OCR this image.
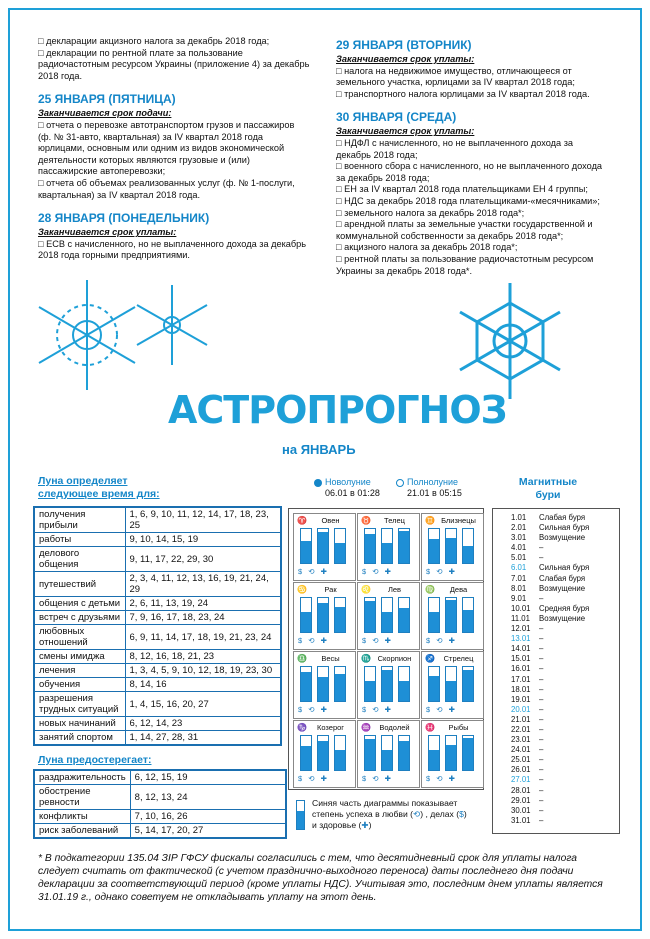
□ декларации акцизного налога за декабрь 2018 года;

□ декларации по рентной плате за пользование радиочастотным ресурсом Украины (приложение 4) за декабрь 2018 года.

25 ЯНВАРЯ (ПЯТНИЦА)
Заканчивается срок подачи:

□ отчета о перевозке автотранспортом грузов и пассажиров (ф. № 31-авто, квартальная) за IV квартал 2018 года юрлицами, основным или одним из видов экономической деятельности которых являются грузовые и (или) пассажирские автоперевозки;

□ отчета об объемах реализованных услуг (ф. № 1-послуги, квартальная) за IV квартал 2018 года.

28 ЯНВАРЯ (ПОНЕДЕЛЬНИК)
Заканчивается срок уплаты:

□ ЕСВ с начисленного, но не выплаченного дохода за декабрь 2018 года горными предприятиями.

29 ЯНВАРЯ (ВТОРНИК)
Заканчивается срок уплаты:

□ налога на недвижимое имущество, отличающееся от земельного участка, юрлицами за IV квартал 2018 года;

□ транспортного налога юрлицами за IV квартал 2018 года.

30 ЯНВАРЯ (СРЕДА)
Заканчивается срок уплаты:

□ НДФЛ с начисленного, но не выплаченного дохода за декабрь 2018 года;

□ военного сбора с начисленного, но не выплаченного дохода за декабрь 2018 года;

□ ЕН за IV квартал 2018 года плательщиками ЕН 4 группы;

□ НДС за декабрь 2018 года плательщиками-«месячниками»;

□ земельного налога за декабрь 2018 года*;

□ арендной платы за земельные участки государственной и коммунальной собственности за декабрь 2018 года*;

□ акцизного налога за декабрь 2018 года*;

□ рентной платы за пользование радиочастотным ресурсом Украины за декабрь 2018 года*.

АСТРОПРОГНОЗ
на ЯНВАРЬ
Луна определяет
следующее время для:
получения прибыли	1, 6, 9, 10, 11, 12, 14, 17, 18, 23, 25
работы	9, 10, 14, 15, 19
делового общения	9, 11, 17, 22, 29, 30
путешествий	2, 3, 4, 11, 12, 13, 16, 19, 21, 24, 29
общения с детьми	2, 6, 11, 13, 19, 24
встреч с друзьями	7, 9, 16, 17, 18, 23, 24
любовных отношений	6, 9, 11, 14, 17, 18, 19, 21, 23, 24
смены имиджа	8, 12, 16, 18, 21, 23
лечения	1, 3, 4, 5, 9, 10, 12, 18, 19, 23, 30
обучения	8, 14, 16
разрешения трудных ситуаций	1, 4, 15, 16, 20, 27
новых начинаний	6, 12, 14, 23
занятий спортом	1, 14, 27, 28, 31
Луна предостерегает:
раздражительность	6, 12, 15, 19
обострение ревности	8, 12, 13, 24
конфликты	7, 10, 16, 26
риск заболеваний	5, 14, 17, 20, 27
Новолуние
06.01 в 01:28
Полнолуние
21.01 в 05:15
♈	Овен
$ ⟲ ✚
♉	Телец
$ ⟲ ✚
♊ Близнецы
$ ⟲ ✚
♋	Рак
$ ⟲ ✚
♌	Лев
$ ⟲ ✚
♍	Дева
$ ⟲ ✚
♎	Весы
$ ⟲ ✚
♏ Скорпион
$ ⟲ ✚
♐	Стрелец
$ ⟲ ✚
♑	Козерог
$ ⟲ ✚
♒	Водолей
$ ⟲ ✚
♓	Рыбы
$ ⟲ ✚
Синяя часть диаграммы показывает
степень успеха в любви (⟲) , делах ($)
и здоровье (✚)
Магнитные бури
1.01	Слабая буря
2.01	Сильная буря
3.01	Возмущение
4.01	–
5.01	–
6.01	Сильная буря
7.01	Слабая буря
8.01	Возмущение
9.01	–
10.01	Средняя буря
11.01	Возмущение
12.01	–
13.01	–
14.01	–
15.01	–
16.01	–
17.01	–
18.01	–
19.01	–
20.01	–
21.01	–
22.01	–
23.01	–
24.01	–
25.01	–
26.01	–
27.01	–
28.01	–
29.01	–
30.01	–
31.01	–
* В подкатегории 135.04 ЗІР ГФСУ фискалы согласились с тем, что десятидневный срок для уплаты налога следует считать от фактической (с учетом праздничнo-выходного переноса) даты последнего дня подачи декларации за соответствующий период (кроме уплаты НДС). Учитывая это, последним днем уплаты является 31.01.19 г., однако советуем не откладывать уплату на этот день.
